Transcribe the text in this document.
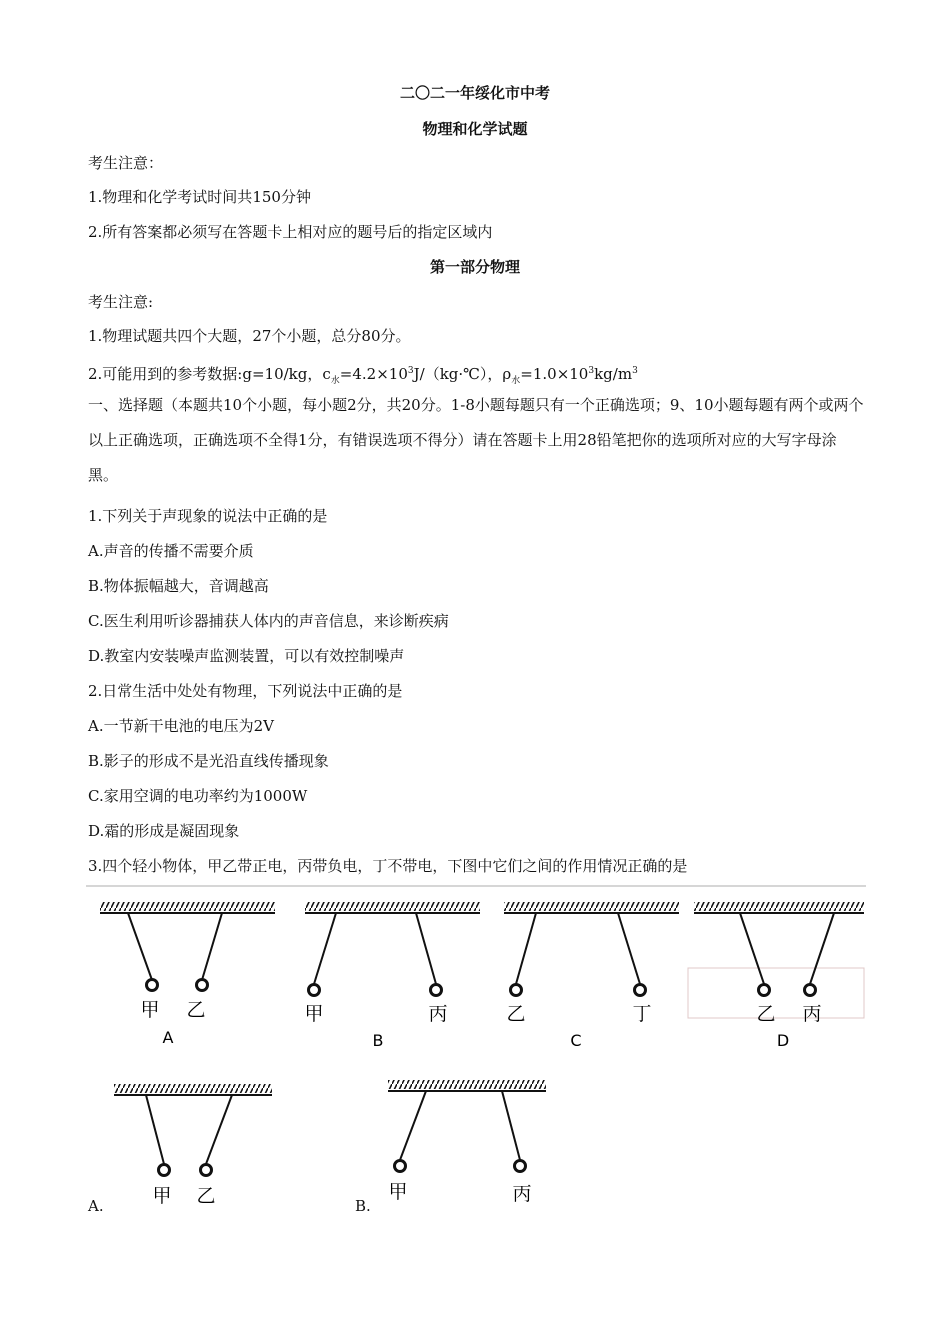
二〇二一年绥化市中考
物理和化学试题
考生注意：
1.物理和化学考试时间共150分钟
2.所有答案都必须写在答题卡上相对应的题号后的指定区域内
第一部分物理
考生注意:
1.物理试题共四个大题，27个小题，总分80分。
2.可能用到的参考数据:g=10/kg，$c_水=4.2\times 10^3J/(kg\cdot℃)$，$\rho_水=1.0\times 10^3kg/m^3$
一、选择题（本题共10个小题，每小题2分，共20分。1-8小题每题只有一个正确选项；9、10小题每题有两个或两个以上正确选项，正确选项不全得1分，有错误选项不得分）请在答题卡上用28铅笔把你的选项所对应的大写字母涂黑。
1.下列关于声现象的说法中正确的是
A.声音的传播不需要介质
B.物体振幅越大，音调越高
C.医生利用听诊器捕获人体内的声音信息，来诊断疾病
D.教室内安装噪声监测装置，可以有效控制噪声
2.日常生活中处处有物理，下列说法中正确的是
A.一节新干电池的电压为2V
B.影子的形成不是光沿直线传播现象
C.家用空调的电功率约为1000W
D.霜的形成是凝固现象
3.四个轻小物体，甲乙带正电，丙带负电，丁不带电，下图中它们之间的作用情况正确的是
甲 乙
A
甲	丙
B
乙	丁
C
乙 丙
D
A.	甲 乙	B.
甲	丙
